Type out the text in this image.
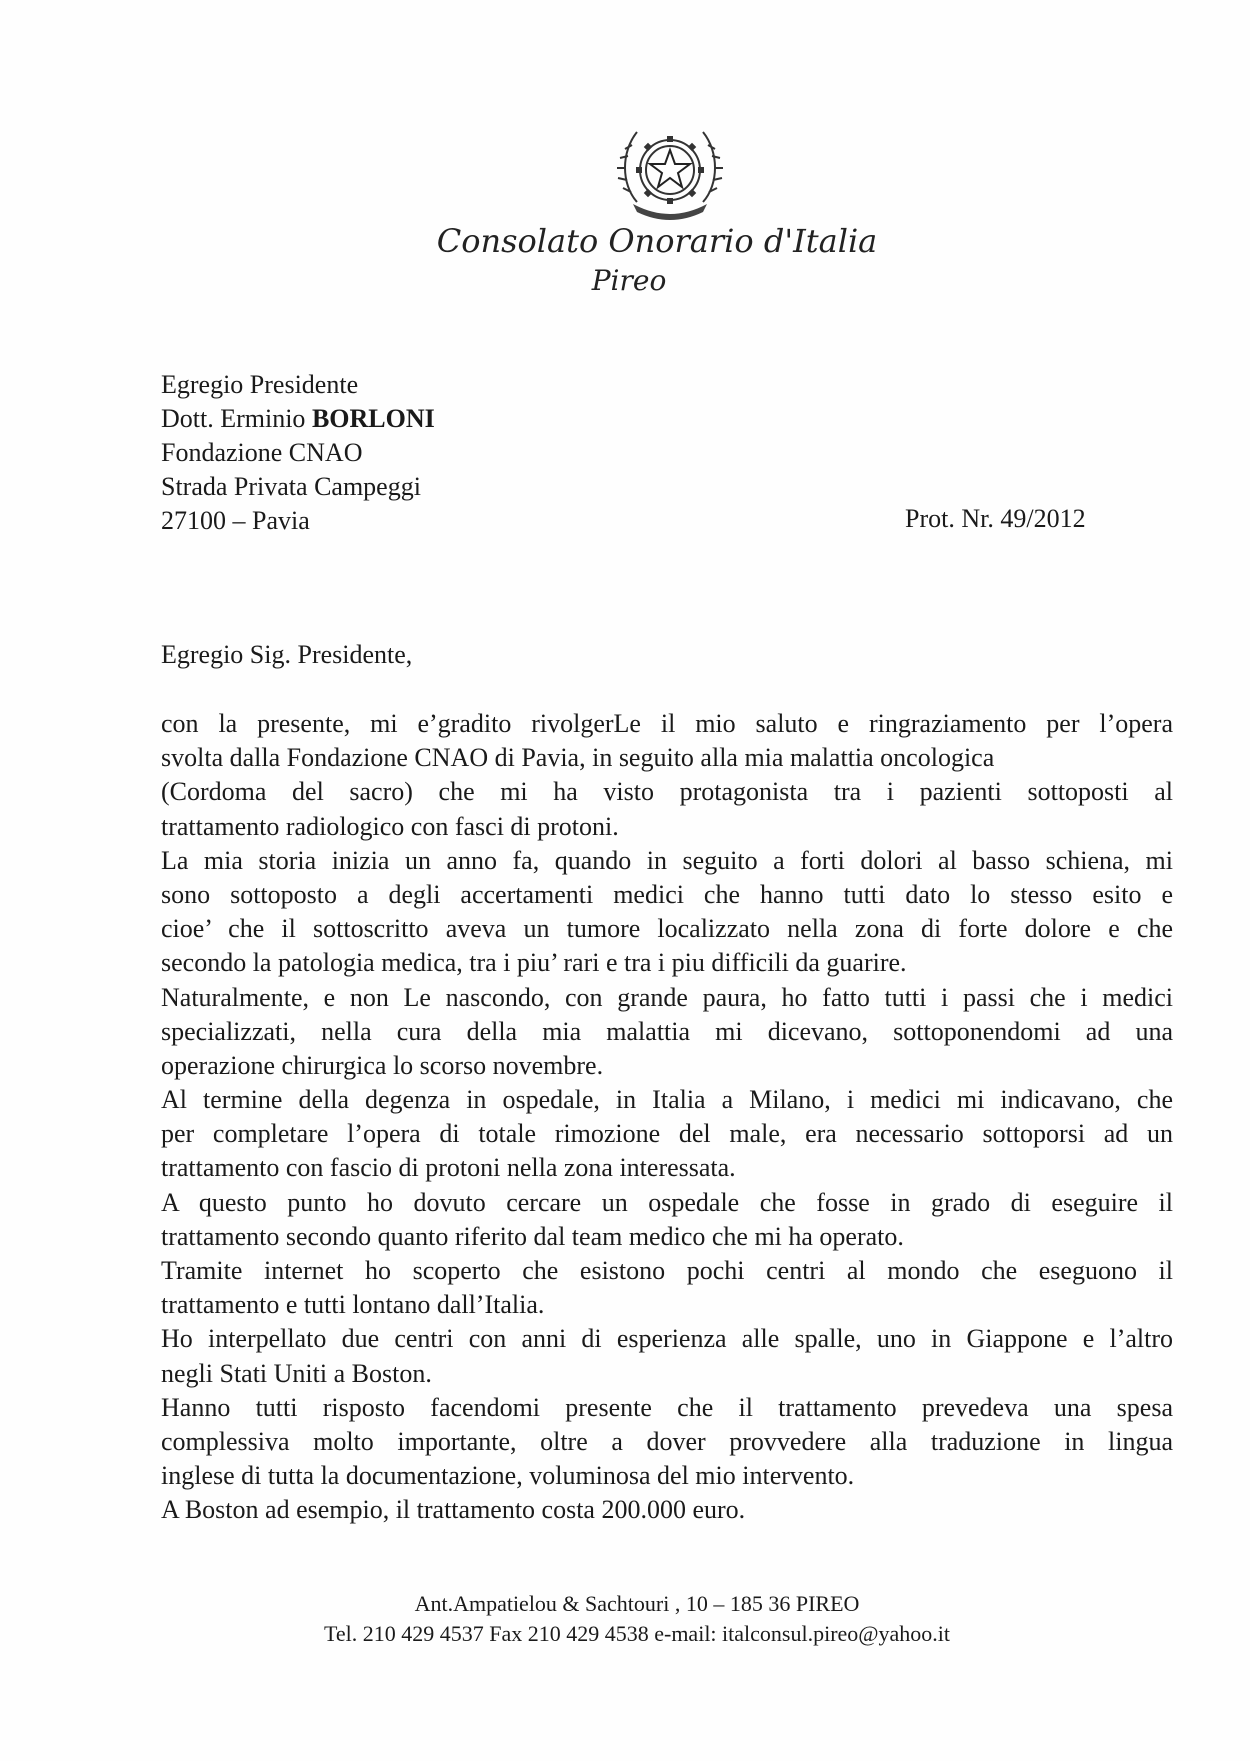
Consolato Onorario d'Italia
Pireo
Egregio Presidente
Dott. Erminio BORLONI
Fondazione CNAO
Strada Privata Campeggi
27100 – Pavia	Prot. Nr. 49/2012
Egregio Sig. Presidente,
con la presente, mi e’gradito rivolgerLe il mio saluto e ringraziamento per l’opera
svolta dalla Fondazione CNAO di Pavia, in seguito alla mia malattia oncologica
(Cordoma del sacro) che mi ha visto protagonista tra i pazienti sottoposti al
trattamento radiologico con fasci di protoni.
La mia storia inizia un anno fa, quando in seguito a forti dolori al basso schiena, mi
sono sottoposto a degli accertamenti medici che hanno tutti dato lo stesso esito e
cioe’ che il sottoscritto aveva un tumore localizzato nella zona di forte dolore e che
secondo la patologia medica, tra i piu’ rari e tra i piu difficili da guarire.
Naturalmente, e non Le nascondo, con grande paura, ho fatto tutti i passi che i medici
specializzati, nella cura della mia malattia mi dicevano, sottoponendomi ad una
operazione chirurgica lo scorso novembre.
Al termine della degenza in ospedale, in Italia a Milano, i medici mi indicavano, che
per completare l’opera di totale rimozione del male, era necessario sottoporsi ad un
trattamento con fascio di protoni nella zona interessata.
A questo punto ho dovuto cercare un ospedale che fosse in grado di eseguire il
trattamento secondo quanto riferito dal team medico che mi ha operato.
Tramite internet ho scoperto che esistono pochi centri al mondo che eseguono il
trattamento e tutti lontano dall’Italia.
Ho interpellato due centri con anni di esperienza alle spalle, uno in Giappone e l’altro
negli Stati Uniti a Boston.
Hanno tutti risposto facendomi presente che il trattamento prevedeva una spesa
complessiva molto importante, oltre a dover provvedere alla traduzione in lingua
inglese di tutta la documentazione, voluminosa del mio intervento.
A Boston ad esempio, il trattamento costa 200.000 euro.
Ant.Ampatielou & Sachtouri , 10 – 185 36 PIREO
Tel. 210 429 4537 Fax 210 429 4538 e-mail: italconsul.pireo@yahoo.it
